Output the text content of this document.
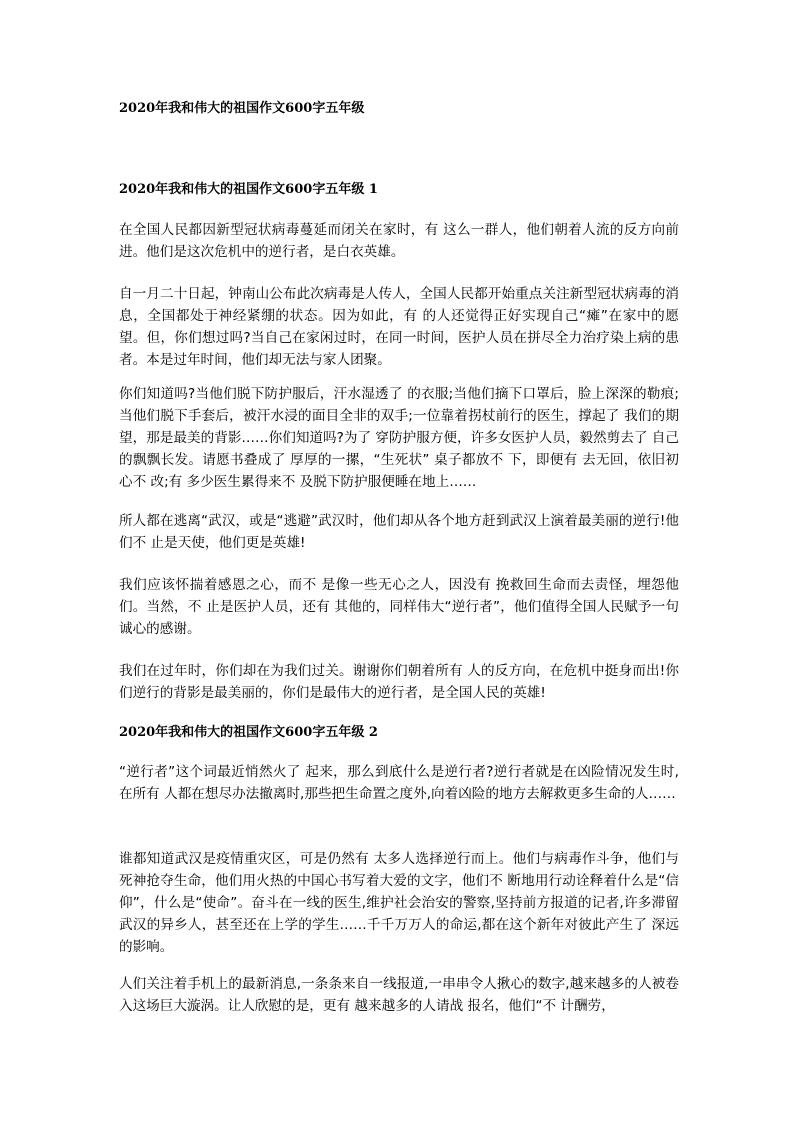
2020年我和伟大的祖国作文600字五年级
2020年我和伟大的祖国作文600字五年级 1
在全国人民都因新型冠状病毒蔓延而闭关在家时，有 这么一群人，他们朝着人流的反方向前进。他们是这次危机中的逆行者，是白衣英雄。
自一月二十日起，钟南山公布此次病毒是人传人，全国人民都开始重点关注新型冠状病毒的消息，全国都处于神经紧绷的状态。因为如此，有 的人还觉得正好实现自己“瘫”在家中的愿望。但，你们想过吗?当自己在家闲过时，在同一时间，医护人员在拼尽全力治疗染上病的患者。本是过年时间，他们却无法与家人团聚。
你们知道吗?当他们脱下防护服后，汗水湿透了 的衣服;当他们摘下口罩后，脸上深深的勒痕;当他们脱下手套后，被汗水浸的面目全非的双手;一位靠着拐杖前行的医生，撑起了 我们的期望，那是最美的背影……你们知道吗?为了 穿防护服方便，许多女医护人员，毅然剪去了 自己的飘飘长发。请愿书叠成了 厚厚的一摞，“生死状” 桌子都放不 下，即便有 去无回，依旧初心不 改;有 多少医生累得来不 及脱下防护服便睡在地上……
所人都在逃离“武汉，或是“逃避”武汉时，他们却从各个地方赶到武汉上演着最美丽的逆行!他们不 止是天使，他们更是英雄!
我们应该怀揣着感恩之心，而不 是像一些无心之人，因没有 挽救回生命而去责怪，埋怨他们。当然，不 止是医护人员，还有 其他的，同样伟大“逆行者”，他们值得全国人民赋予一句诚心的感谢。
我们在过年时，你们却在为我们过关。谢谢你们朝着所有 人的反方向，在危机中挺身而出!你们逆行的背影是最美丽的，你们是最伟大的逆行者，是全国人民的英雄!
2020年我和伟大的祖国作文600字五年级 2
“逆行者”这个词最近悄然火了 起来，那么到底什么是逆行者?逆行者就是在凶险情况发生时,在所有 人都在想尽办法撤离时,那些把生命置之度外,向着凶险的地方去解救更多生命的人……
谁都知道武汉是疫情重灾区，可是仍然有 太多人选择逆行而上。他们与病毒作斗争，他们与死神抢夺生命，他们用火热的中国心书写着大爱的文字，他们不 断地用行动诠释着什么是“信仰”，什么是“使命”。奋斗在一线的医生,维护社会治安的警察,坚持前方报道的记者,许多滞留武汉的异乡人，甚至还在上学的学生……千千万万人的命运,都在这个新年对彼此产生了 深远的影响。
人们关注着手机上的最新消息,一条条来自一线报道,一串串令人揪心的数字,越来越多的人被卷入这场巨大漩涡。让人欣慰的是，更有 越来越多的人请战 报名，他们“不 计酬劳，
